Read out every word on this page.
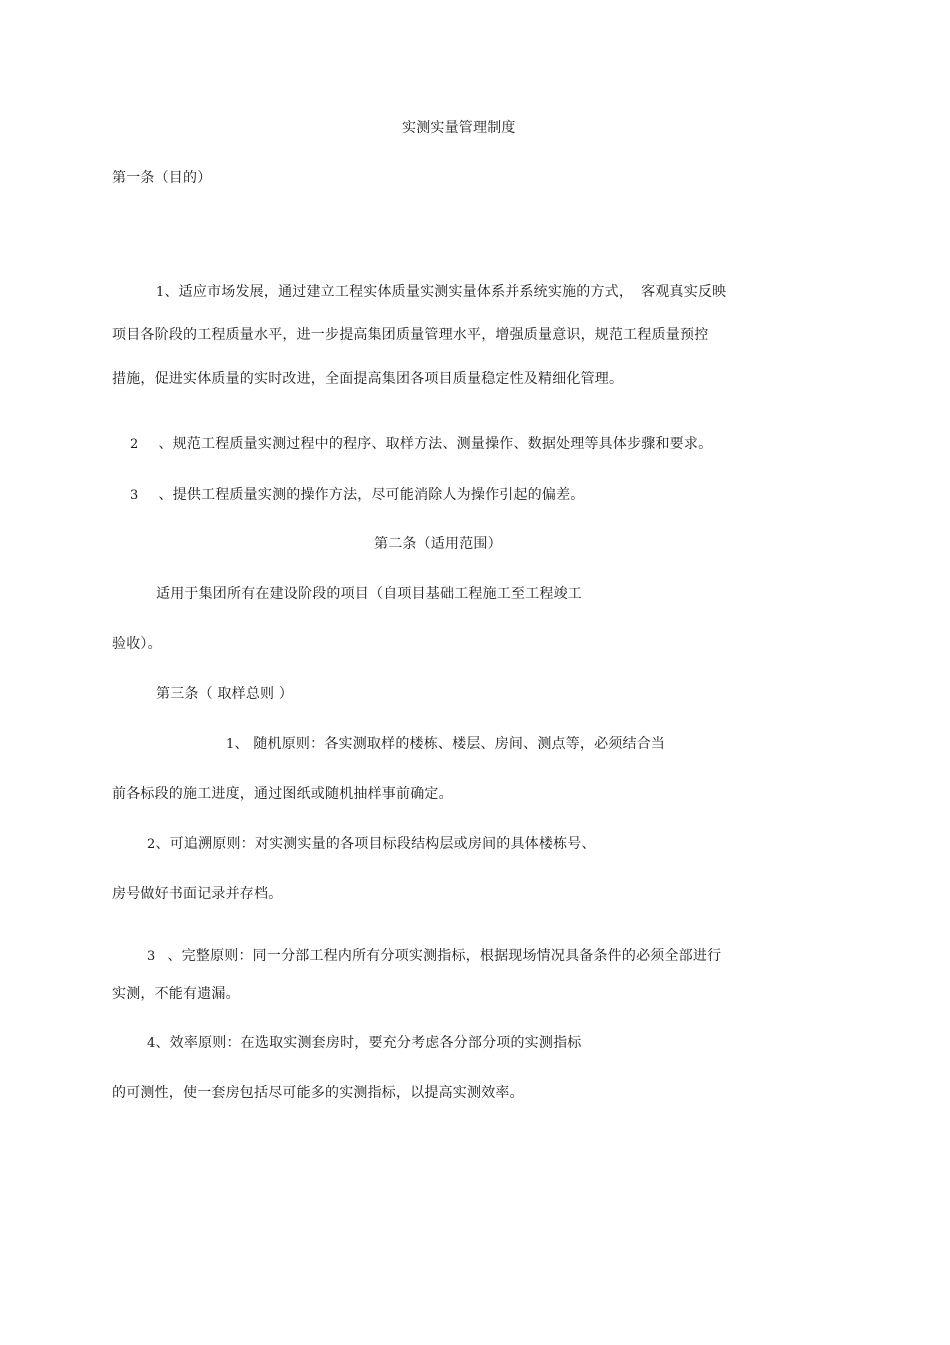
实测实量管理制度
第一条（目的）
1、适应市场发展，通过建立工程实体质量实测实量体系并系统实施的方式， 客观真实反映
项目各阶段的工程质量水平，进一步提高集团质量管理水平，增强质量意识，规范工程质量预控
措施，促进实体质量的实时改进，全面提高集团各项目质量稳定性及精细化管理。
2 、规范工程质量实测过程中的程序、取样方法、测量操作、数据处理等具体步骤和要求。
3 、提供工程质量实测的操作方法，尽可能消除人为操作引起的偏差。
第二条（适用范围）
适用于集团所有在建设阶段的项目（自项目基础工程施工至工程竣工
验收）。
第三条（ 取样总则 ）
1、 随机原则：各实测取样的楼栋、楼层、房间、测点等，必须结合当
前各标段的施工进度，通过图纸或随机抽样事前确定。
2、可追溯原则：对实测实量的各项目标段结构层或房间的具体楼栋号、
房号做好书面记录并存档。
3 、完整原则：同一分部工程内所有分项实测指标，根据现场情况具备条件的必须全部进行
实测，不能有遗漏。
4、效率原则：在选取实测套房时，要充分考虑各分部分项的实测指标
的可测性，使一套房包括尽可能多的实测指标，以提高实测效率。
